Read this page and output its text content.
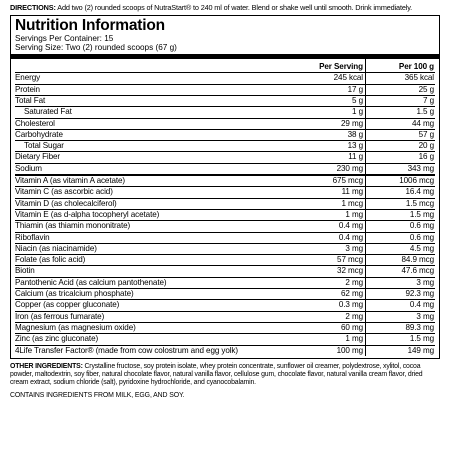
DIRECTIONS: Add two (2) rounded scoops of NutraStart® to 240 ml of water. Blend or shake well until smooth. Drink immediately.
Nutrition Information
Servings Per Container: 15
Serving Size: Two (2) rounded scoops (67 g)
	Per Serving	Per 100 g
Energy	245 kcal	365 kcal
Protein	17 g	25 g
Total Fat	5 g	7 g
Saturated Fat	1 g	1.5 g
Cholesterol	29 mg	44 mg
Carbohydrate	38 g	57 g
Total Sugar	13 g	20 g
Dietary Fiber	11 g	16 g
Sodium	230 mg	343 mg
Vitamin A (as vitamin A acetate)	675 mcg	1006 mcg
Vitamin C (as ascorbic acid)	11 mg	16.4 mg
Vitamin D (as cholecalciferol)	1 mcg	1.5 mcg
Vitamin E (as d-alpha tocopheryl acetate)	1 mg	1.5 mg
Thiamin (as thiamin mononitrate)	0.4 mg	0.6 mg
Riboflavin	0.4 mg	0.6 mg
Niacin (as niacinamide)	3 mg	4.5 mg
Folate (as folic acid)	57 mcg	84.9 mcg
Biotin	32 mcg	47.6 mcg
Pantothenic Acid (as calcium pantothenate)	2 mg	3 mg
Calcium (as tricalcium phosphate)	62 mg	92.3 mg
Copper (as copper gluconate)	0.3 mg	0.4 mg
Iron (as ferrous fumarate)	2 mg	3 mg
Magnesium (as magnesium oxide)	60 mg	89.3 mg
Zinc (as zinc gluconate)	1 mg	1.5 mg
4Life Transfer Factor® (made from cow colostrum and egg yolk)	100 mg	149 mg
OTHER INGREDIENTS: Crystalline fructose, soy protein isolate, whey protein concentrate, sunflower oil creamer, polydextrose, xylitol, cocoa powder, maltodextrin, soy fiber, natural chocolate flavor, natural vanilla flavor, cellulose gum, chocolate flavor, natural vanilla cream flavor, dried cream extract, sodium chloride (salt), pyridoxine hydrochloride, and cyanocobalamin.
CONTAINS INGREDIENTS FROM MILK, EGG, AND SOY.
